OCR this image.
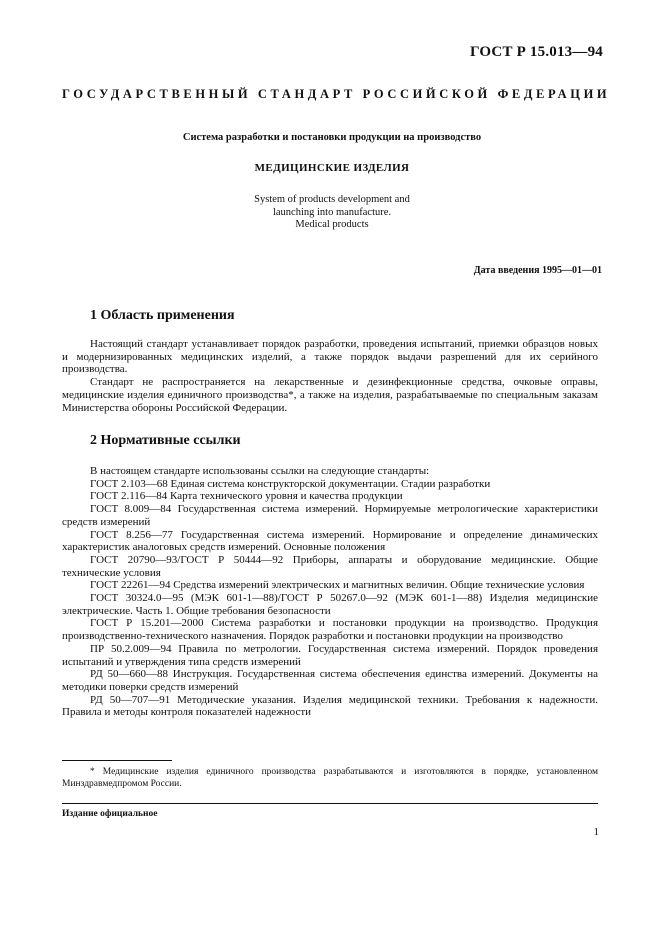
ГОСТ Р 15.013—94
ГОСУДАРСТВЕННЫЙ СТАНДАРТ РОССИЙСКОЙ ФЕДЕРАЦИИ
Система разработки и постановки продукции на производство
МЕДИЦИНСКИЕ ИЗДЕЛИЯ
System of products development and
launching into manufacture.
Medical products
Дата введения 1995—01—01
1 Область применения

Настоящий стандарт устанавливает порядок разработки, проведения испытаний, приемки образцов новых и модернизированных медицинских изделий, а также порядок выдачи разрешений для их серийного производства.

Стандарт не распространяется на лекарственные и дезинфекционные средства, очковые оправы, медицинские изделия единичного производства*, а также на изделия, разрабатываемые по специальным заказам Министерства обороны Российской Федерации.

2 Нормативные ссылки

В настоящем стандарте использованы ссылки на следующие стандарты:

ГОСТ 2.103—68 Единая система конструкторской документации. Стадии разработки

ГОСТ 2.116—84 Карта технического уровня и качества продукции

ГОСТ 8.009—84 Государственная система измерений. Нормируемые метрологические характеристики средств измерений

ГОСТ 8.256—77 Государственная система измерений. Нормирование и определение динамических характеристик аналоговых средств измерений. Основные положения

ГОСТ 20790—93/ГОСТ Р 50444—92 Приборы, аппараты и оборудование медицинские. Общие технические условия

ГОСТ 22261—94 Средства измерений электрических и магнитных величин. Общие технические условия

ГОСТ 30324.0—95 (МЭК 601-1—88)/ГОСТ Р 50267.0—92 (МЭК 601-1—88) Изделия медицинские электрические. Часть 1. Общие требования безопасности

ГОСТ Р 15.201—2000 Система разработки и постановки продукции на производство. Продукция производственно-технического назначения. Порядок разработки и постановки продукции на производство

ПР 50.2.009—94 Правила по метрологии. Государственная система измерений. Порядок проведения испытаний и утверждения типа средств измерений

РД 50—660—88 Инструкция. Государственная система обеспечения единства измерений. Документы на методики поверки средств измерений

РД 50—707—91 Методические указания. Изделия медицинской техники. Требования к надежности. Правила и методы контроля показателей надежности

* Медицинские изделия единичного производства разрабатываются и изготовляются в порядке, установленном Минздравмедпромом России.

Издание официальное
1
